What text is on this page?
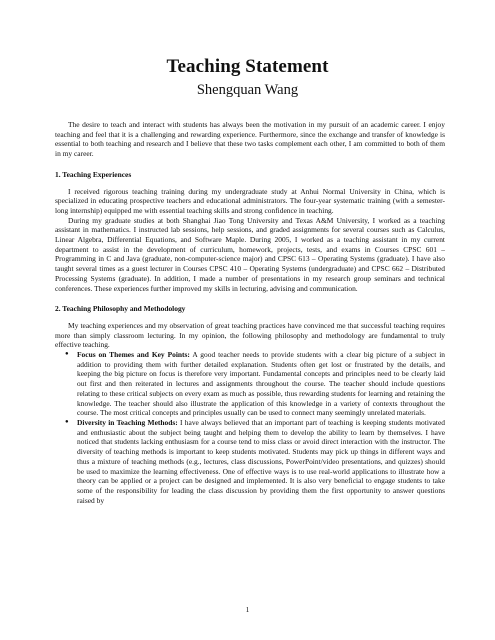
Teaching Statement
Shengquan Wang

The desire to teach and interact with students has always been the motivation in my pursuit of an academic career. I enjoy teaching and feel that it is a challenging and rewarding experience. Furthermore, since the exchange and transfer of knowledge is essential to both teaching and research and I believe that these two tasks complement each other, I am committed to both of them in my career.

1. Teaching Experiences

I received rigorous teaching training during my undergraduate study at Anhui Normal University in China, which is specialized in educating prospective teachers and educational administrators. The four-year systematic training (with a semester-long internship) equipped me with essential teaching skills and strong confidence in teaching.

During my graduate studies at both Shanghai Jiao Tong University and Texas A&M University, I worked as a teaching assistant in mathematics. I instructed lab sessions, help sessions, and graded assignments for several courses such as Calculus, Linear Algebra, Differential Equations, and Software Maple. During 2005, I worked as a teaching assistant in my current department to assist in the development of curriculum, homework, projects, tests, and exams in Courses CPSC 601 – Programming in C and Java (graduate, non-computer-science major) and CPSC 613 – Operating Systems (graduate). I have also taught several times as a guest lecturer in Courses CPSC 410 – Operating Systems (undergraduate) and CPSC 662 – Distributed Processing Systems (graduate). In addition, I made a number of presentations in my research group seminars and technical conferences. These experiences further improved my skills in lecturing, advising and communication.

2. Teaching Philosophy and Methodology

My teaching experiences and my observation of great teaching practices have convinced me that successful teaching requires more than simply classroom lecturing. In my opinion, the following philosophy and methodology are fundamental to truly effective teaching.

● Focus on Themes and Key Points: A good teacher needs to provide students with a clear big picture of a subject in addition to providing them with further detailed explanation. Students often get lost or frustrated by the details, and keeping the big picture on focus is therefore very important. Fundamental concepts and principles need to be clearly laid out first and then reiterated in lectures and assignments throughout the course. The teacher should include questions relating to these critical subjects on every exam as much as possible, thus rewarding students for learning and retaining the knowledge. The teacher should also illustrate the application of this knowledge in a variety of contexts throughout the course. The most critical concepts and principles usually can be used to connect many seemingly unrelated materials.
● Diversity in Teaching Methods: I have always believed that an important part of teaching is keeping students motivated and enthusiastic about the subject being taught and helping them to develop the ability to learn by themselves. I have noticed that students lacking enthusiasm for a course tend to miss class or avoid direct interaction with the instructor. The diversity of teaching methods is important to keep students motivated. Students may pick up things in different ways and thus a mixture of teaching methods (e.g., lectures, class discussions, PowerPoint/video presentations, and quizzes) should be used to maximize the learning effectiveness. One of effective ways is to use real-world applications to illustrate how a theory can be applied or a project can be designed and implemented. It is also very beneficial to engage students to take some of the responsibility for leading the class discussion by providing them the first opportunity to answer questions raised by
1
